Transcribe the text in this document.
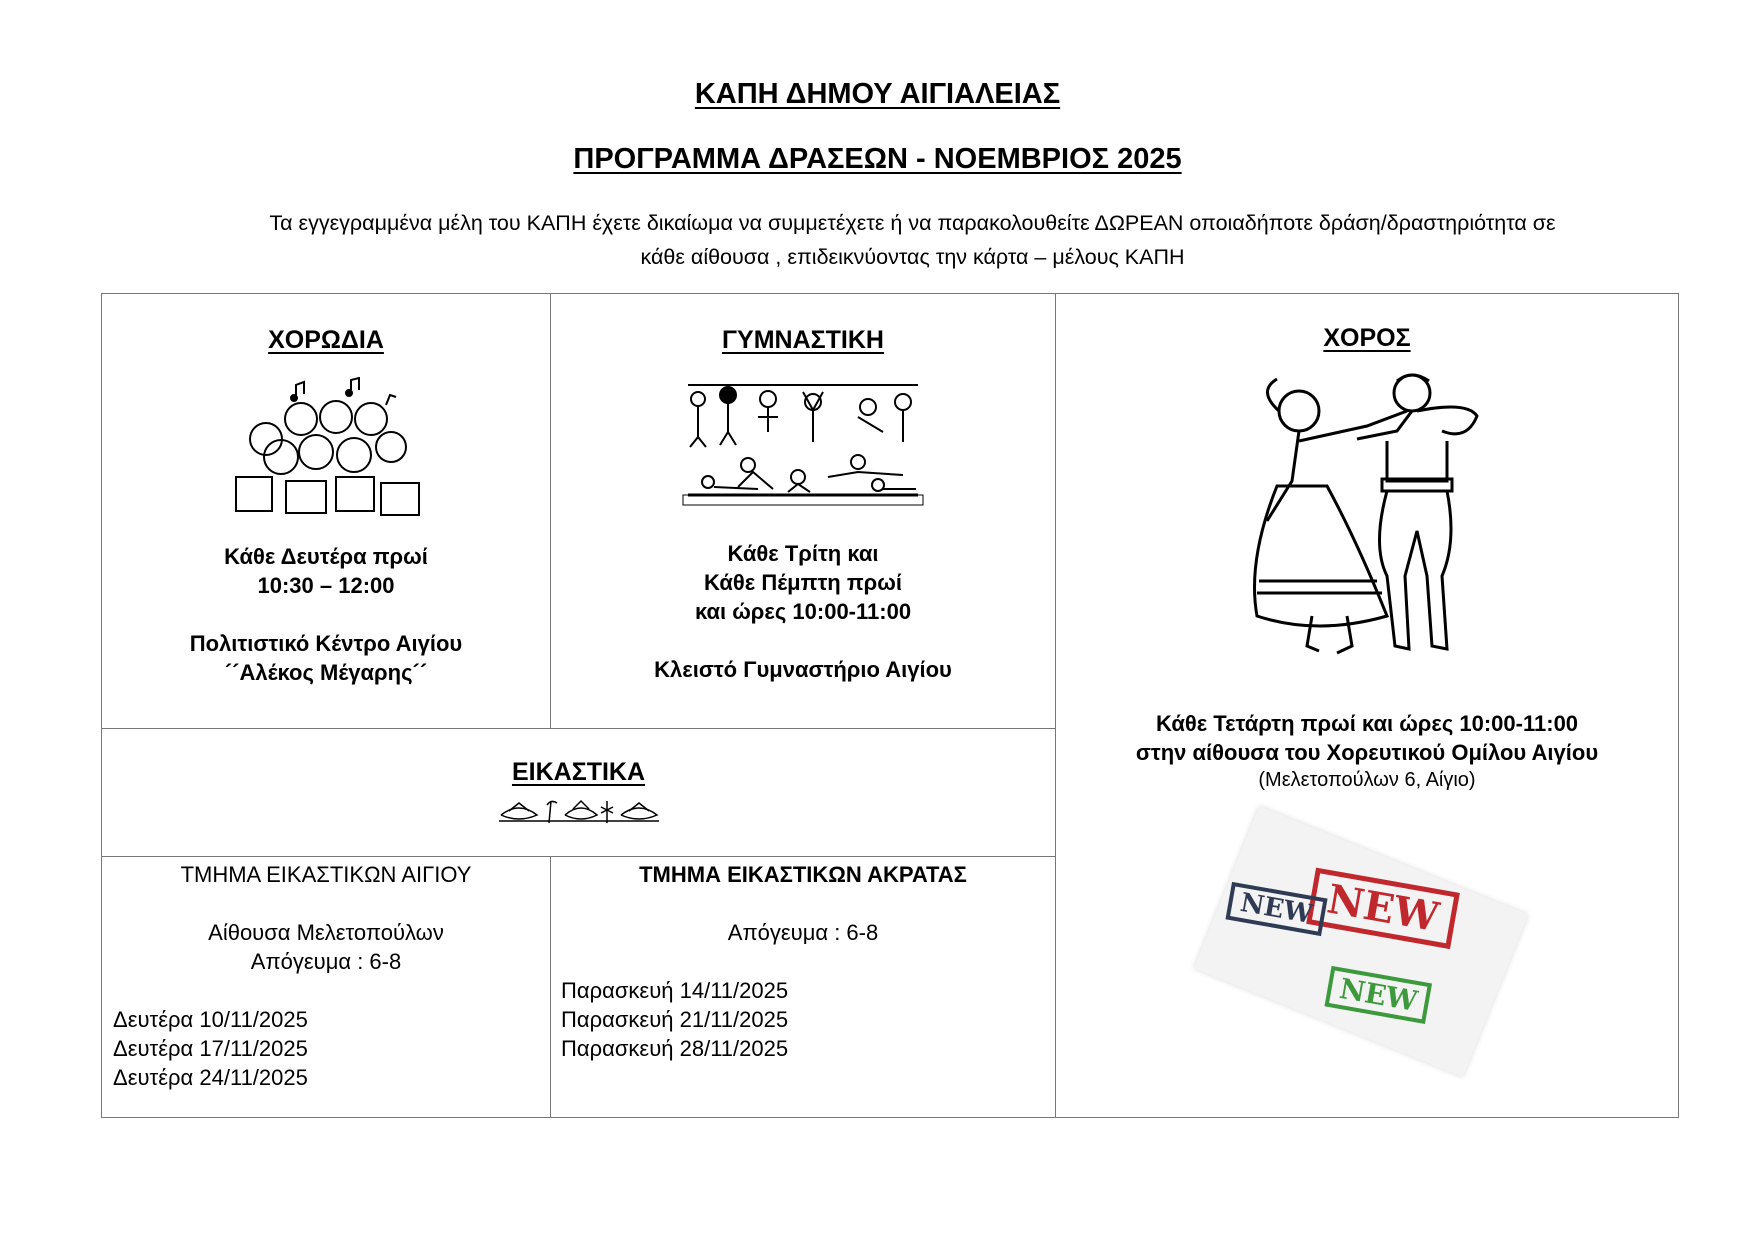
ΚΑΠΗ ΔΗΜΟΥ ΑΙΓΙΑΛΕΙΑΣ
ΠΡΟΓΡΑΜΜΑ ΔΡΑΣΕΩΝ - ΝΟΕΜΒΡΙΟΣ 2025
Τα εγγεγραμμένα μέλη του ΚΑΠΗ έχετε δικαίωμα να συμμετέχετε ή να παρακολουθείτε ΔΩΡΕΑΝ οποιαδήποτε δράση/δραστηριότητα σε
κάθε αίθουσα , επιδεικνύοντας την κάρτα – μέλους ΚΑΠΗ
ΧΟΡΩΔΙΑ
Κάθε Δευτέρα πρωί
10:30 – 12:00
Πολιτιστικό Κέντρο Αιγίου
´´Αλέκος Μέγαρης´´
ΓΥΜΝΑΣΤΙΚΗ
Κάθε Τρίτη και
Κάθε Πέμπτη πρωί
και ώρες 10:00-11:00
Κλειστό Γυμναστήριο Αιγίου
ΧΟΡΟΣ
Κάθε Τετάρτη πρωί και ώρες 10:00-11:00
στην αίθουσα του Χορευτικού Ομίλου Αιγίου
(Μελετοπούλων 6, Αίγιο)
NEW
NEW
NEW
ΕΙΚΑΣΤΙΚΑ
ΤΜΗΜΑ ΕΙΚΑΣΤΙΚΩΝ ΑΙΓΙΟΥ
Αίθουσα Μελετοπούλων
Απόγευμα : 6-8
Δευτέρα 10/11/2025
Δευτέρα 17/11/2025
Δευτέρα 24/11/2025
ΤΜΗΜΑ ΕΙΚΑΣΤΙΚΩΝ ΑΚΡΑΤΑΣ
Απόγευμα : 6-8
Παρασκευή 14/11/2025
Παρασκευή 21/11/2025
Παρασκευή 28/11/2025
